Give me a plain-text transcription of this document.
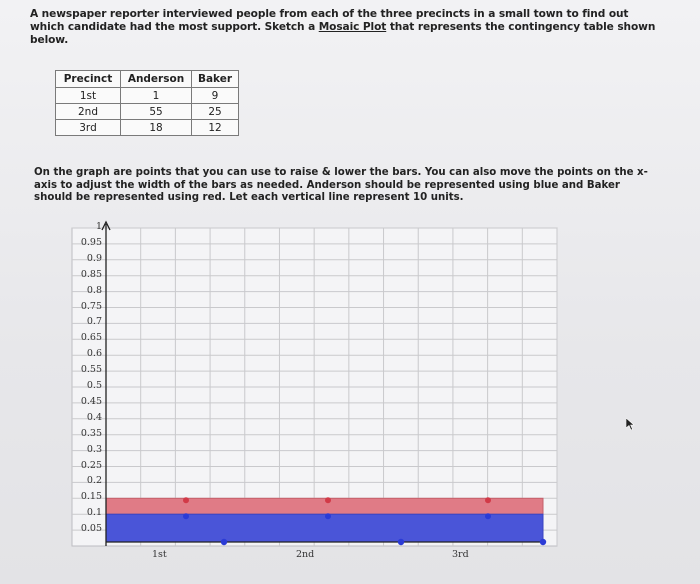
A newspaper reporter interviewed people from each of the three precincts in a small town to find out
which candidate had the most support. Sketch a Mosaic Plot that represents the contingency table shown
below.
Precinct	Anderson	Baker
1st	1	9
2nd	55	25
3rd	18	12
On the graph are points that you can use to raise & lower the bars. You can also move the points on the x-
axis to adjust the width of the bars as needed. Anderson should be represented using blue and Baker
should be represented using red. Let each vertical line represent 10 units.
1
0.95
0.9
0.85
0.8
0.75
0.7
0.65
0.6
0.55
0.5
0.45
0.4
0.35
0.3
0.25
0.2
0.15
0.1
0.05
1st	2nd	3rd
